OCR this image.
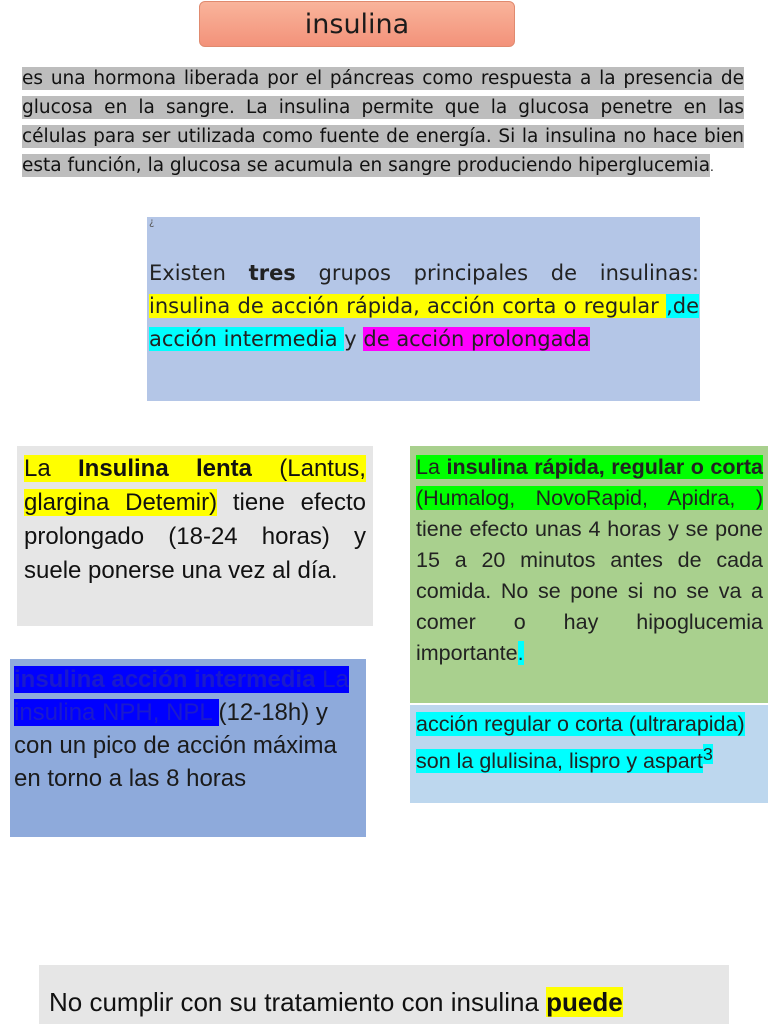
insulina
es una hormona liberada por el páncreas como respuesta a la presencia de glucosa en la sangre. La insulina permite que la glucosa penetre en las células para ser utilizada como fuente de energía. Si la insulina no hace bien esta función, la glucosa se acumula en sangre produciendo hiperglucemia.
¿
Existen tres grupos principales de insulinas: insulina de acción rápida, acción corta o regular ,de acción intermedia y de acción prolongada
La Insulina lenta (Lantus, glargina Detemir) tiene efecto prolongado (18-24 horas) y suele ponerse una vez al día.
La insulina rápida, regular o corta (Humalog, NovoRapid, Apidra, ) tiene efecto unas 4 horas y se pone 15 a 20 minutos antes de cada comida. No se pone si no se va a comer o hay hipoglucemia importante.
insulina acción intermedia La insulina NPH, NPL (12-18h) y con un pico de acción máxima en torno a las 8 horas
acción regular o corta (ultrarapida) son la glulisina, lispro y aspart$^3$
No cumplir con su tratamiento con insulina puede
